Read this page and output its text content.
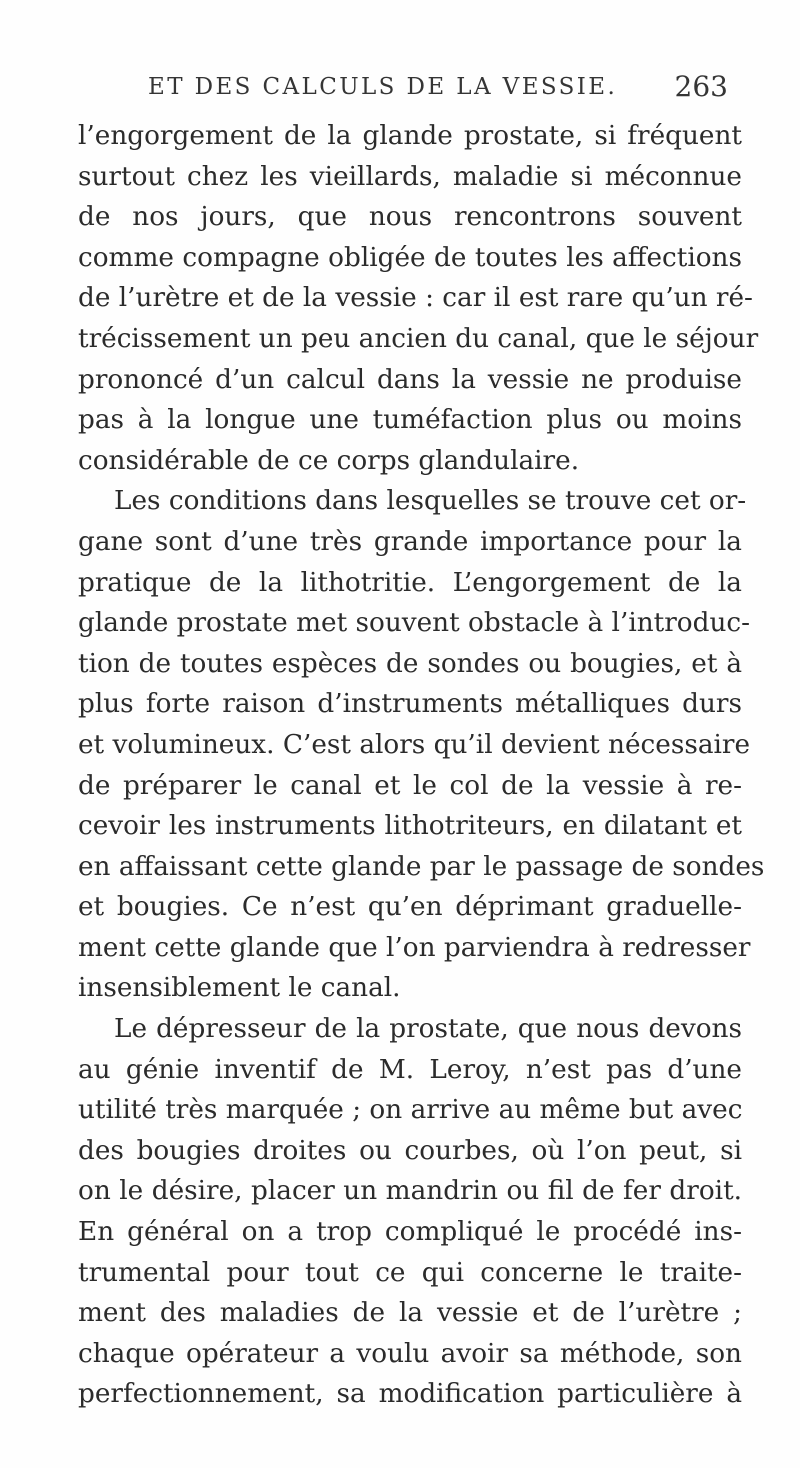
ET DES CALCULS DE LA VESSIE. 263
l’engorgement de la glande prostate, si fréquent
surtout chez les vieillards, maladie si méconnue
de nos jours, que nous rencontrons souvent
comme compagne obligée de toutes les affections
de l’urètre et de la vessie : car il est rare qu’un ré-
trécissement un peu ancien du canal, que le séjour
prononcé d’un calcul dans la vessie ne produise
pas à la longue une tuméfaction plus ou moins
considérable de ce corps glandulaire.
Les conditions dans lesquelles se trouve cet or-
gane sont d’une très grande importance pour la
pratique de la lithotritie. L’engorgement de la
glande prostate met souvent obstacle à l’introduc-
tion de toutes espèces de sondes ou bougies, et à
plus forte raison d’instruments métalliques durs
et volumineux. C’est alors qu’il devient nécessaire
de préparer le canal et le col de la vessie à re-
cevoir les instruments lithotriteurs, en dilatant et
en affaissant cette glande par le passage de sondes
et bougies. Ce n’est qu’en déprimant graduelle-
ment cette glande que l’on parviendra à redresser
insensiblement le canal.
Le dépresseur de la prostate, que nous devons
au génie inventif de M. Leroy, n’est pas d’une
utilité très marquée ; on arrive au même but avec
des bougies droites ou courbes, où l’on peut, si
on le désire, placer un mandrin ou fil de fer droit.
En général on a trop compliqué le procédé ins-
trumental pour tout ce qui concerne le traite-
ment des maladies de la vessie et de l’urètre ;
chaque opérateur a voulu avoir sa méthode, son
perfectionnement, sa modification particulière à
